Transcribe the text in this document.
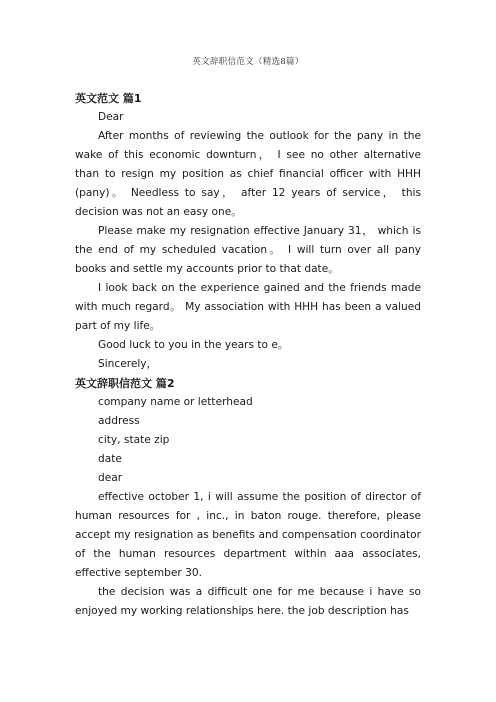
英文辞职信范文（精选8篇）

英文范文 篇1

Dear

After months of reviewing the outlook for the pany in the wake of this economic downturn， I see no other alternative than to resign my position as chief financial officer with HHH (pany)。 Needless to say， after 12 years of service， this decision was not an easy one。

Please make my resignation effective January 31， which is the end of my scheduled vacation。 I will turn over all pany books and settle my accounts prior to that date。

I look back on the experience gained and the friends made with much regard。 My association with HHH has been a valued part of my life。

Good luck to you in the years to e。

Sincerely，

英文辞职信范文 篇2

company name or letterhead

address

city, state zip

date

dear

effective october 1, i will assume the position of director of human resources for , inc., in baton rouge. therefore, please accept my resignation as benefits and compensation coordinator of the human resources department within aaa associates, effective september 30.

the decision was a difficult one for me because i have so enjoyed my working relationships here. the job description has
